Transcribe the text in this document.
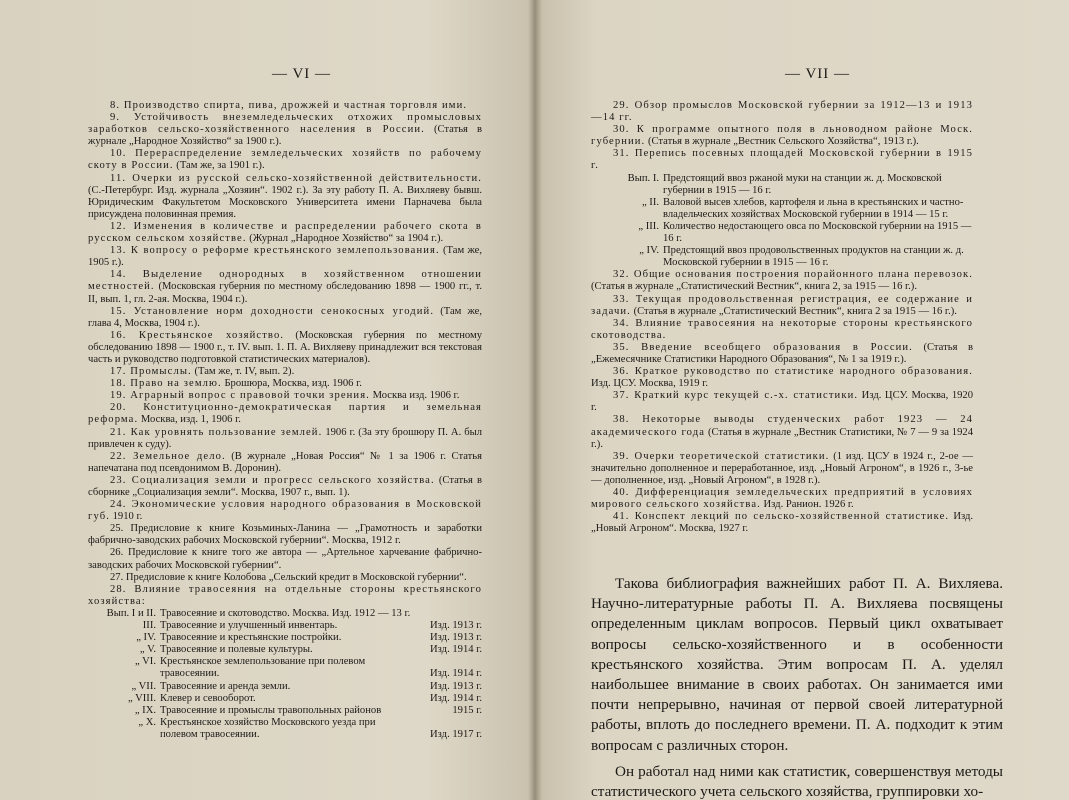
— VI —

8. Производство спирта, пива, дрожжей и частная торговля ими.

9. Устойчивость внеземледельческих отхожих промысловых заработков сельско-хозяйственного населения в России. (Статья в журнале „Народное Хозяйство“ за 1900 г.).

10. Перераспределение земледельческих хозяйств по рабочему скоту в России. (Там же, за 1901 г.).

11. Очерки из русской сельско-хозяйственной действительности. (С.-Петербург. Изд. журнала „Хозяин“. 1902 г.). За эту работу П. А. Вихляеву бывш. Юридическим Факультетом Московского Университета имени Парначева была присуждена половинная премия.

12. Изменения в количестве и распределении рабочего скота в русском сельском хозяйстве. (Журнал „Народное Хозяйство“ за 1904 г.).

13. К вопросу о реформе крестьянского землепользования. (Там же, 1905 г.).

14. Выделение однородных в хозяйственном отношении местностей. (Московская губерния по местному обследованию 1898 — 1900 гг., т. II, вып. 1, гл. 2-ая. Москва, 1904 г.).

15. Установление норм доходности сенокосных угодий. (Там же, глава 4, Москва, 1904 г.).

16. Крестьянское хозяйство. (Московская губерния по местному обследованию 1898 — 1900 г., т. IV. вып. 1. П. А. Вихляеву принадлежит вся текстовая часть и руководство подготовкой статистических материалов).

17. Промыслы. (Там же, т. IV, вып. 2).

18. Право на землю. Брошюра, Москва, изд. 1906 г.

19. Аграрный вопрос с правовой точки зрения. Москва изд. 1906 г.

20. Конституционно-демократическая партия и земельная реформа. Москва, изд. 1, 1906 г.

21. Как уровнять пользование землей. 1906 г. (За эту брошюру П. А. был привлечен к суду).

22. Земельное дело. (В журнале „Новая Россия“ № 1 за 1906 г. Статья напечатана под псевдонимом В. Доронин).

23. Социализация земли и прогресс сельского хозяйства. (Статья в сборнике „Социализация земли“. Москва, 1907 г., вып. 1).

24. Экономические условия народного образования в Московской губ. 1910 г.

25. Предисловие к книге Козьминых-Ланина — „Грамотность и заработки фабрично-заводских рабочих Московской губернии“. Москва, 1912 г.

26. Предисловие к книге того же автора — „Артельное харчевание фабрично-заводских рабочих Московской губернии“.

27. Предисловие к книге Колобова „Сельский кредит в Московской губернии“.

28. Влияние травосеяния на отдельные стороны крестьянского хозяйства:

Вып. I и II. Травосеяние и скотоводство. Москва. Изд. 1912 — 13 г.

III. Травосеяние и улучшенный инвентарь.	Изд. 1913 г.

„ IV. Травосеяние и крестьянские постройки.	Изд. 1913 г.

„ V. Травосеяние и полевые культуры.	Изд. 1914 г.

„ VI. Крестьянское землепользование при полевом травосеянии.	Изд. 1914 г.

„ VII. Травосеяние и аренда земли.	Изд. 1913 г.

„ VIII. Клевер и севооборот.	Изд. 1914 г.

„ IX. Травосеяние и промыслы травопольных районов	1915 г.

„ X. Крестьянское хозяйство Московского уезда при полевом травосеянии.	Изд. 1917 г.

— VII —

29. Обзор промыслов Московской губернии за 1912—13 и 1913—14 гг.

30. К программе опытного поля в льноводном районе Моск. губернии. (Статья в журнале „Вестник Сельского Хозяйства“, 1913 г.).

31. Перепись посевных площадей Московской губернии в 1915 г.

Вып. I. Предстоящий ввоз ржаной муки на станции ж. д. Московской губернии в 1915 — 16 г.

„ II. Валовой высев хлебов, картофеля и льна в крестьянских и частно-владельческих хозяйствах Московской губернии в 1914 — 15 г.

„ III. Количество недостающего овса по Московской губернии на 1915 — 16 г.

„ IV. Предстоящий ввоз продовольственных продуктов на станции ж. д. Московской губернии в 1915 — 16 г.

32. Общие основания построения порайонного плана перевозок. (Статья в журнале „Статистический Вестник“, книга 2, за 1915 — 16 г.).

33. Текущая продовольственная регистрация, ее содержание и задачи. (Статья в журнале „Статистический Вестник“, книга 2 за 1915 — 16 г.).

34. Влияние травосеяния на некоторые стороны крестьянского скотоводства.

35. Введение всеобщего образования в России. (Статья в „Ежемесячнике Статистики Народного Образования“, № 1 за 1919 г.).

36. Краткое руководство по статистике народного образования. Изд. ЦСУ. Москва, 1919 г.

37. Краткий курс текущей с.-х. статистики. Изд. ЦСУ. Москва, 1920 г.

38. Некоторые выводы студенческих работ 1923 — 24 академического года (Статья в журнале „Вестник Статистики, № 7 — 9 за 1924 г.).

39. Очерки теоретической статистики. (1 изд. ЦСУ в 1924 г., 2-ое — значительно дополненное и переработанное, изд. „Новый Агроном“, в 1926 г., 3-ье — дополненное, изд. „Новый Агроном“, в 1928 г.).

40. Дифференциация земледельческих предприятий в условиях мирового сельского хозяйства. Изд. Ранион. 1926 г.

41. Конспект лекций по сельско-хозяйственной статистике. Изд. „Новый Агроном“. Москва, 1927 г.

Такова библиография важнейших работ П. А. Вихляева. Научно-литературные работы П. А. Вихляева посвящены определенным циклам вопросов. Первый цикл охватывает вопросы сельско-хозяйственного и в особенности крестьянского хозяйства. Этим вопросам П. А. уделял наибольшее внимание в своих работах. Он занимается ими почти непрерывно, начиная от первой своей литературной работы, вплоть до последнего времени. П. А. подходит к этим вопросам с различных сторон.

Он работал над ними как статистик, совершенствуя методы статистического учета сельского хозяйства, группировки хо-
